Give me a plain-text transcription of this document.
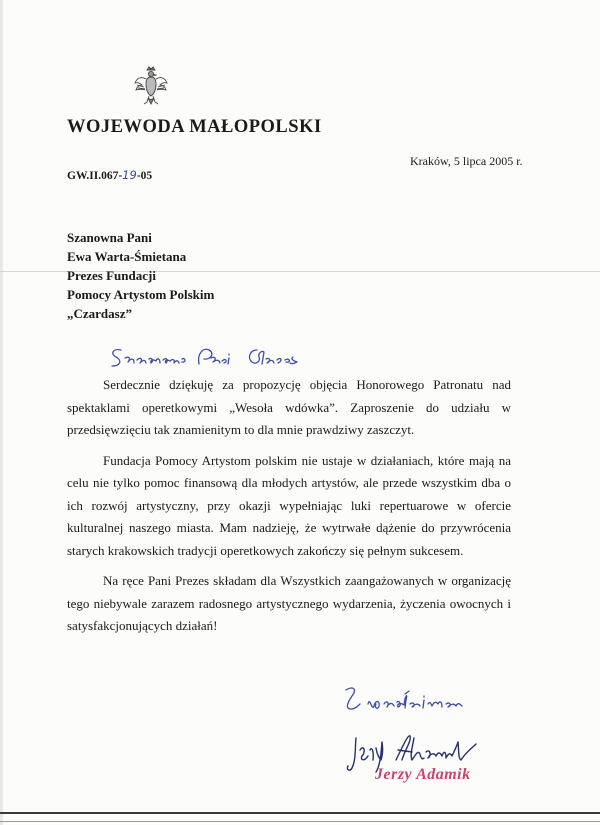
WOJEWODA MAŁOPOLSKI
Kraków, 5 lipca 2005 r.
GW.II.067-19-05
Szanowna Pani
Ewa Warta-Śmietana
Prezes Fundacji
Pomocy Artystom Polskim
„Czardasz”

Serdecznie dziękuję za propozycję objęcia Honorowego Patronatu nad spektaklami operetkowymi „Wesoła wdówka”. Zaproszenie do udziału w przedsięwzięciu tak znamienitym to dla mnie prawdziwy zaszczyt.

Fundacja Pomocy Artystom polskim nie ustaje w działaniach, które mają na celu nie tylko pomoc finansową dla młodych artystów, ale przede wszystkim dba o ich rozwój artystyczny, przy okazji wypełniając luki repertuarowe w ofercie kulturalnej naszego miasta. Mam nadzieję, że wytrwałe dążenie do przywrócenia starych krakowskich tradycji operetkowych zakończy się pełnym sukcesem.

Na ręce Pani Prezes składam dla Wszystkich zaangażowanych w organizację tego niebywale zarazem radosnego artystycznego wydarzenia, życzenia owocnych i satysfakcjonujących działań!

Jerzy Adamik
